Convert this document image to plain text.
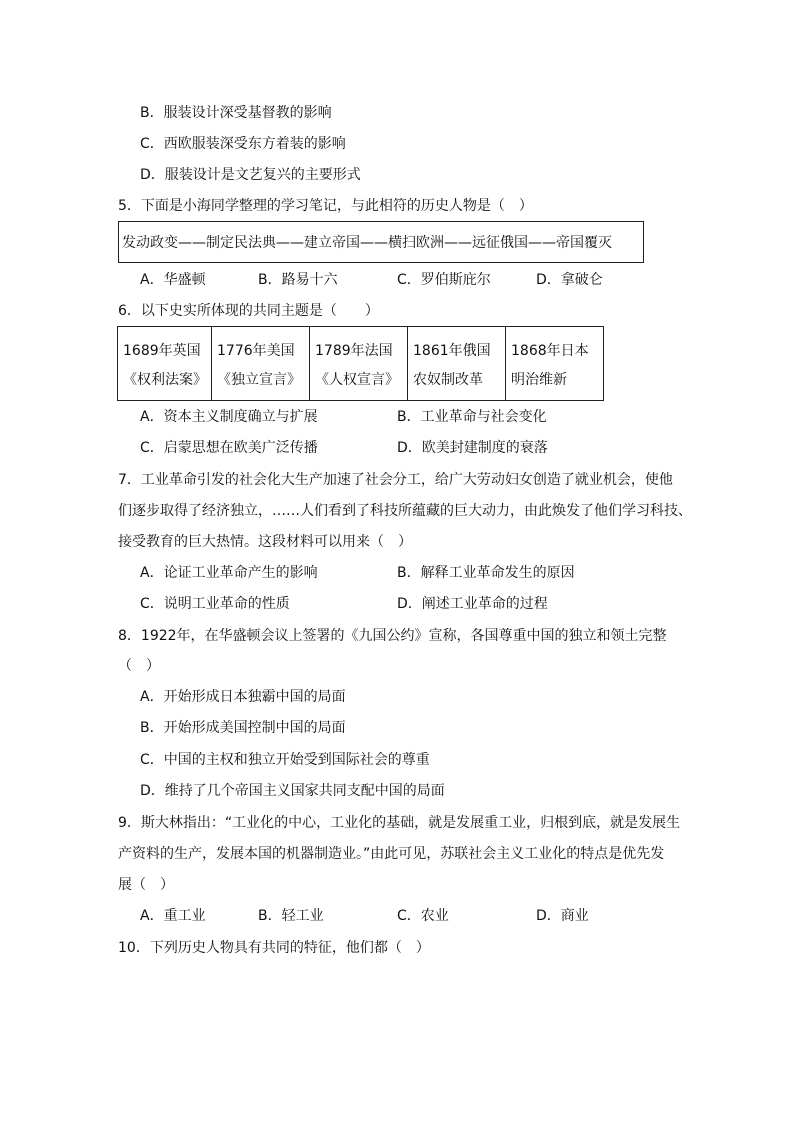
B．服装设计深受基督教的影响
C．西欧服装深受东方着装的影响
D．服装设计是文艺复兴的主要形式
5．下面是小海同学整理的学习笔记，与此相符的历史人物是（　）
发动政变——制定民法典——建立帝国——横扫欧洲——远征俄国——帝国覆灭
A．华盛顿	B．路易十六	C．罗伯斯庇尔	D．拿破仑
6．以下史实所体现的共同主题是（　　）
1689年英国
《权利法案》
1776年美国
《独立宣言》
1789年法国
《人权宣言》
1861年俄国
农奴制改革
1868年日本
明治维新
A．资本主义制度确立与扩展	B．工业革命与社会变化
C．启蒙思想在欧美广泛传播	D．欧美封建制度的衰落
7．工业革命引发的社会化大生产加速了社会分工，给广大劳动妇女创造了就业机会，使他
们逐步取得了经济独立，……人们看到了科技所蕴藏的巨大动力，由此焕发了他们学习科技、
接受教育的巨大热情。这段材料可以用来（　）
A．论证工业革命产生的影响	B．解释工业革命发生的原因
C．说明工业革命的性质	D．阐述工业革命的过程
8．1922年，在华盛顿会议上签署的《九国公约》宣称，各国尊重中国的独立和领土完整
（　）
A．开始形成日本独霸中国的局面
B．开始形成美国控制中国的局面
C．中国的主权和独立开始受到国际社会的尊重
D．维持了几个帝国主义国家共同支配中国的局面
9．斯大林指出：“工业化的中心，工业化的基础，就是发展重工业，归根到底，就是发展生
产资料的生产，发展本国的机器制造业。”由此可见，苏联社会主义工业化的特点是优先发
展（　）
A．重工业	B．轻工业	C．农业	D．商业
10．下列历史人物具有共同的特征，他们都（　）
